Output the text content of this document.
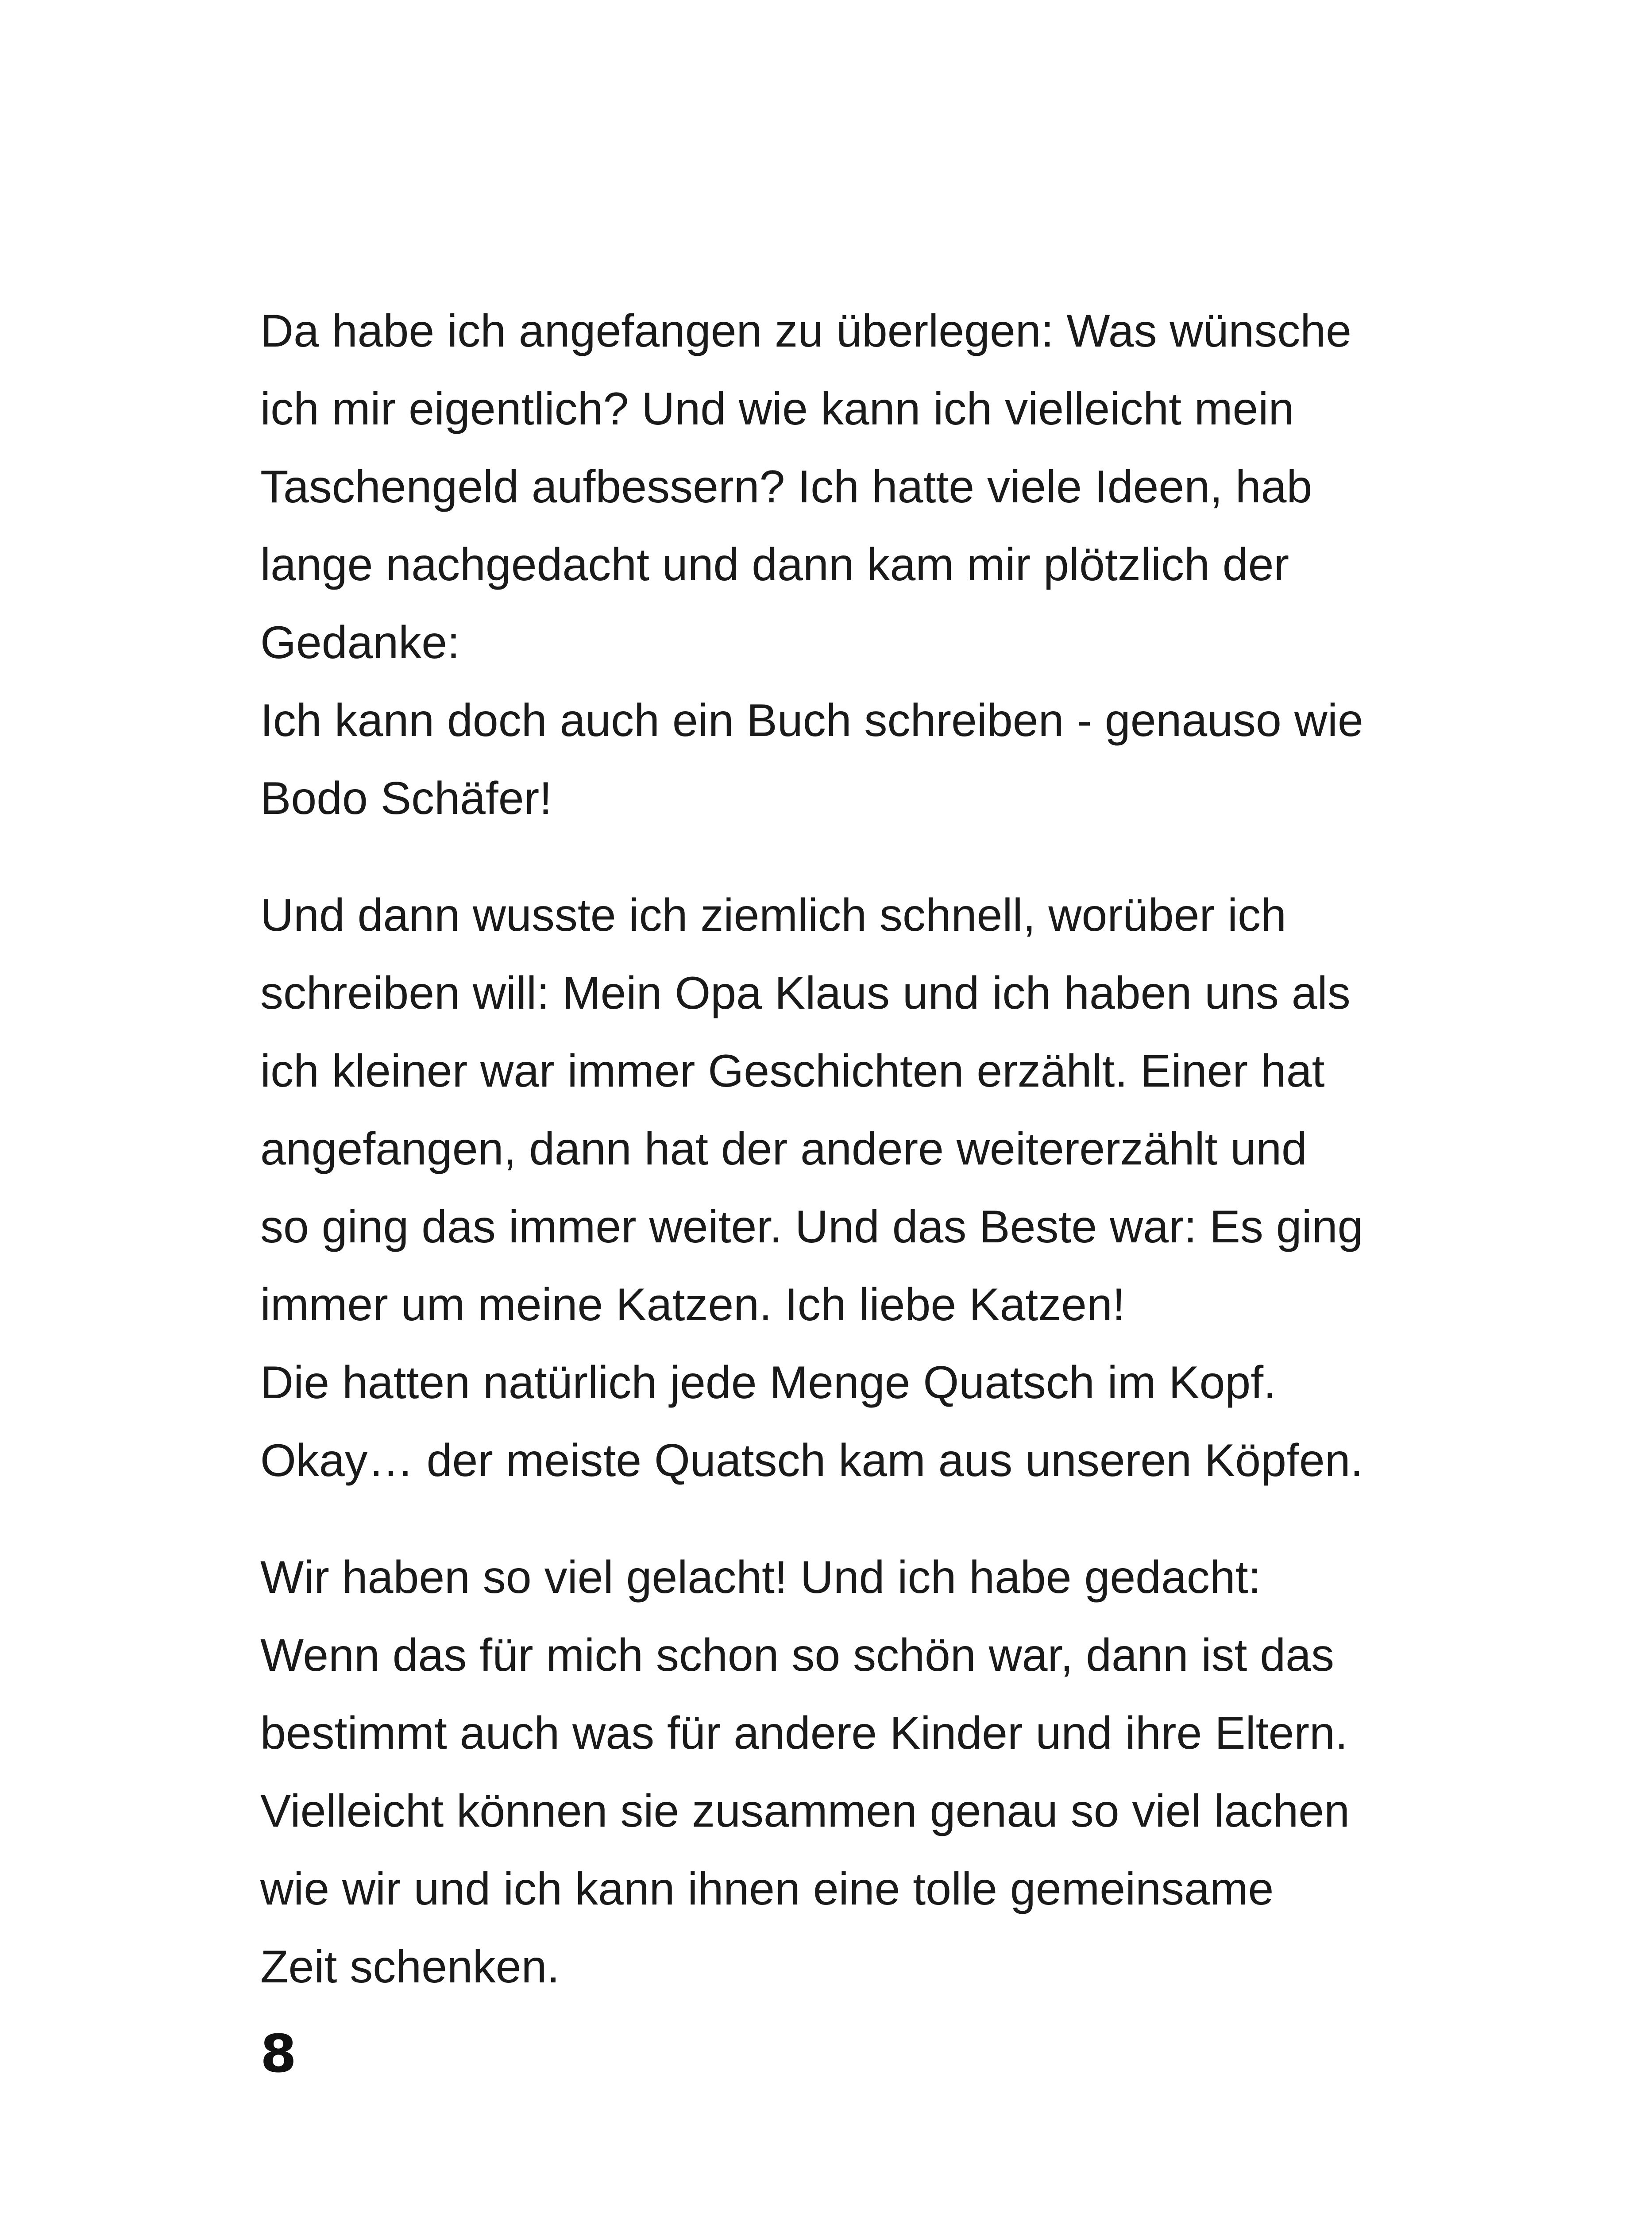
Da habe ich angefangen zu überlegen: Was wünsche
ich mir eigentlich? Und wie kann ich vielleicht mein
Taschengeld aufbessern? Ich hatte viele Ideen, hab
lange nachgedacht und dann kam mir plötzlich der
Gedanke:
Ich kann doch auch ein Buch schreiben - genauso wie
Bodo Schäfer!

Und dann wusste ich ziemlich schnell, worüber ich
schreiben will: Mein Opa Klaus und ich haben uns als
ich kleiner war immer Geschichten erzählt. Einer hat
angefangen, dann hat der andere weitererzählt und
so ging das immer weiter. Und das Beste war: Es ging
immer um meine Katzen. Ich liebe Katzen!
Die hatten natürlich jede Menge Quatsch im Kopf.
Okay… der meiste Quatsch kam aus unseren Köpfen.

Wir haben so viel gelacht! Und ich habe gedacht:
Wenn das für mich schon so schön war, dann ist das
bestimmt auch was für andere Kinder und ihre Eltern.
Vielleicht können sie zusammen genau so viel lachen
wie wir und ich kann ihnen eine tolle gemeinsame
Zeit schenken.

8
